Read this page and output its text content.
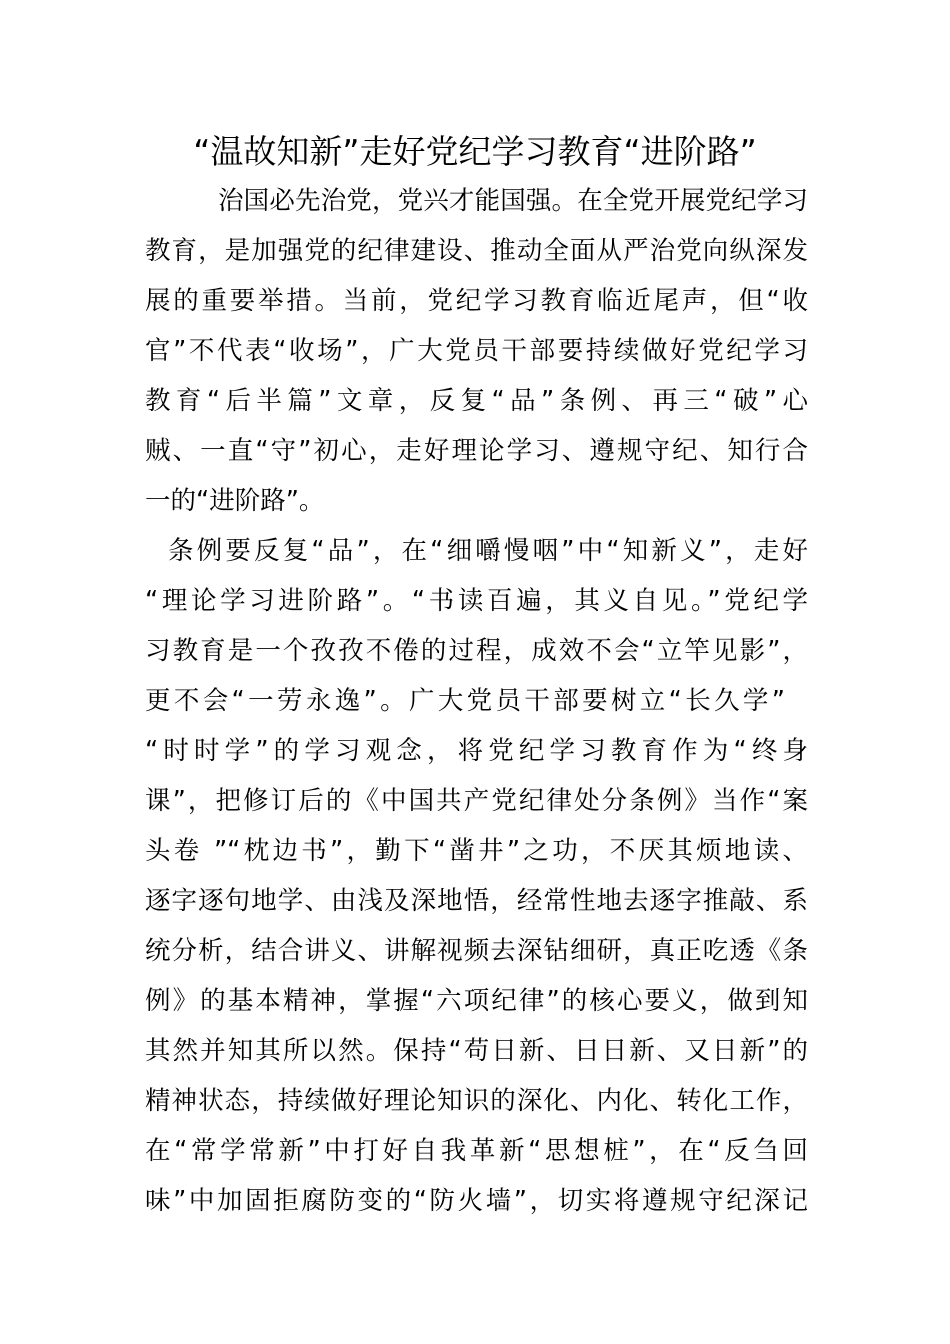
“温故知新”走好党纪学习教育“进阶路”

治国必先治党，党兴才能国强。在全党开展党纪学习

教育，是加强党的纪律建设、推动全面从严治党向纵深发

展的重要举措。当前，党纪学习教育临近尾声，但“收

官”不代表“收场”，广大党员干部要持续做好党纪学习

教育“后半篇”文章，反复“品”条例、再三“破”心

贼、一直“守”初心，走好理论学习、遵规守纪、知行合

一的“进阶路”。

条例要反复“品”，在“细嚼慢咽”中“知新义”，走好

“理论学习进阶路”。“书读百遍，其义自见。”党纪学

习教育是一个孜孜不倦的过程，成效不会“立竿见影”，

更不会“一劳永逸”。广大党员干部要树立“长久学”

“时时学”的学习观念，将党纪学习教育作为“终身

课”，把修订后的《中国共产党纪律处分条例》当作“案

头卷 ”“枕边书”，勤下“凿井”之功，不厌其烦地读、

逐字逐句地学、由浅及深地悟，经常性地去逐字推敲、系

统分析，结合讲义、讲解视频去深钻细研，真正吃透《条

例》的基本精神，掌握“六项纪律”的核心要义，做到知

其然并知其所以然。保持“苟日新、日日新、又日新”的

精神状态，持续做好理论知识的深化、内化、转化工作，

在“常学常新”中打好自我革新“思想桩”，在“反刍回

味”中加固拒腐防变的“防火墙”，切实将遵规守纪深记
